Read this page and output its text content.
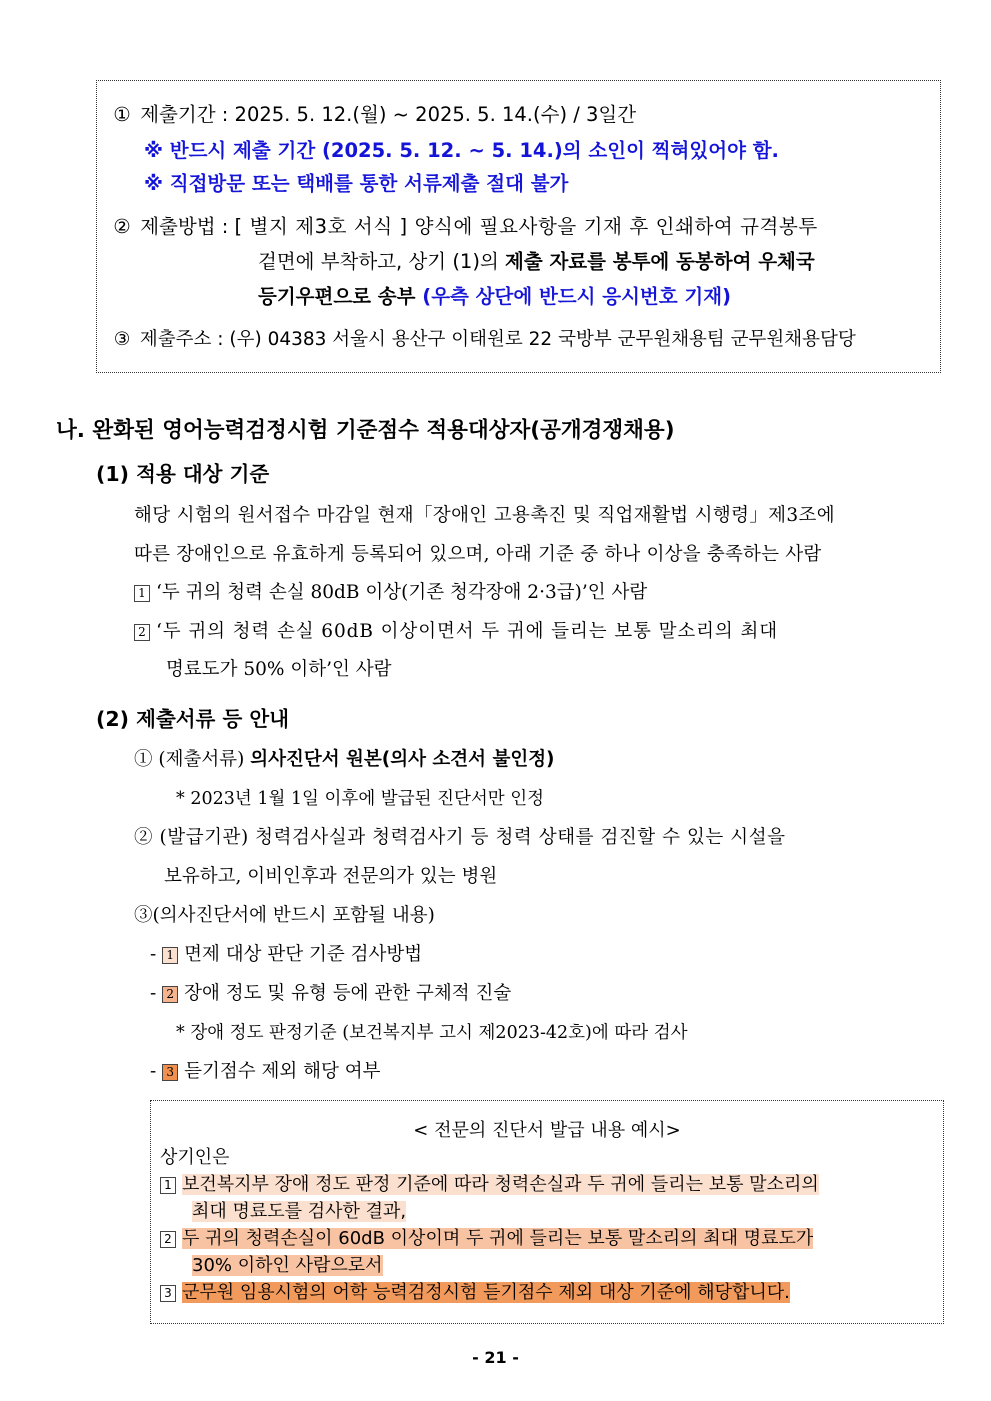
① 제출기간 : 2025. 5. 12.(월) ~ 2025. 5. 14.(수) / 3일간
※ 반드시 제출 기간 (2025. 5. 12. ~ 5. 14.)의 소인이 찍혀있어야 함.
※ 직접방문 또는 택배를 통한 서류제출 절대 불가
② 제출방법 : [ 별지 제3호 서식 ] 양식에 필요사항을 기재 후 인쇄하여 규격봉투
겉면에 부착하고, 상기 (1)의 제출 자료를 봉투에 동봉하여 우체국
등기우편으로 송부 (우측 상단에 반드시 응시번호 기재)
③ 제출주소 : (우) 04383 서울시 용산구 이태원로 22 국방부 군무원채용팀 군무원채용담당
나. 완화된 영어능력검정시험 기준점수 적용대상자(공개경쟁채용)
(1) 적용 대상 기준
해당 시험의 원서접수 마감일 현재「장애인 고용촉진 및 직업재활법 시행령」제3조에
따른 장애인으로 유효하게 등록되어 있으며, 아래 기준 중 하나 이상을 충족하는 사람
1 ‘두 귀의 청력 손실 80dB 이상(기존 청각장애 2·3급)’인 사람
2 ‘두 귀의 청력 손실 60dB 이상이면서 두 귀에 들리는 보통 말소리의 최대
명료도가 50% 이하’인 사람
(2) 제출서류 등 안내
① (제출서류) 의사진단서 원본(의사 소견서 불인정)
* 2023년 1월 1일 이후에 발급된 진단서만 인정
② (발급기관) 청력검사실과 청력검사기 등 청력 상태를 검진할 수 있는 시설을
보유하고, 이비인후과 전문의가 있는 병원
③(의사진단서에 반드시 포함될 내용)
- 1 면제 대상 판단 기준 검사방법
- 2 장애 정도 및 유형 등에 관한 구체적 진술
* 장애 정도 판정기준 (보건복지부 고시 제2023-42호)에 따라 검사
- 3 듣기점수 제외 해당 여부
< 전문의 진단서 발급 내용 예시>
상기인은
1 보건복지부 장애 정도 판정 기준에 따라 청력손실과 두 귀에 들리는 보통 말소리의
최대 명료도를 검사한 결과,
2 두 귀의 청력손실이 60dB 이상이며 두 귀에 들리는 보통 말소리의 최대 명료도가
30% 이하인 사람으로서
3 군무원 임용시험의 어학 능력검정시험 듣기점수 제외 대상 기준에 해당합니다.
- 21 -
